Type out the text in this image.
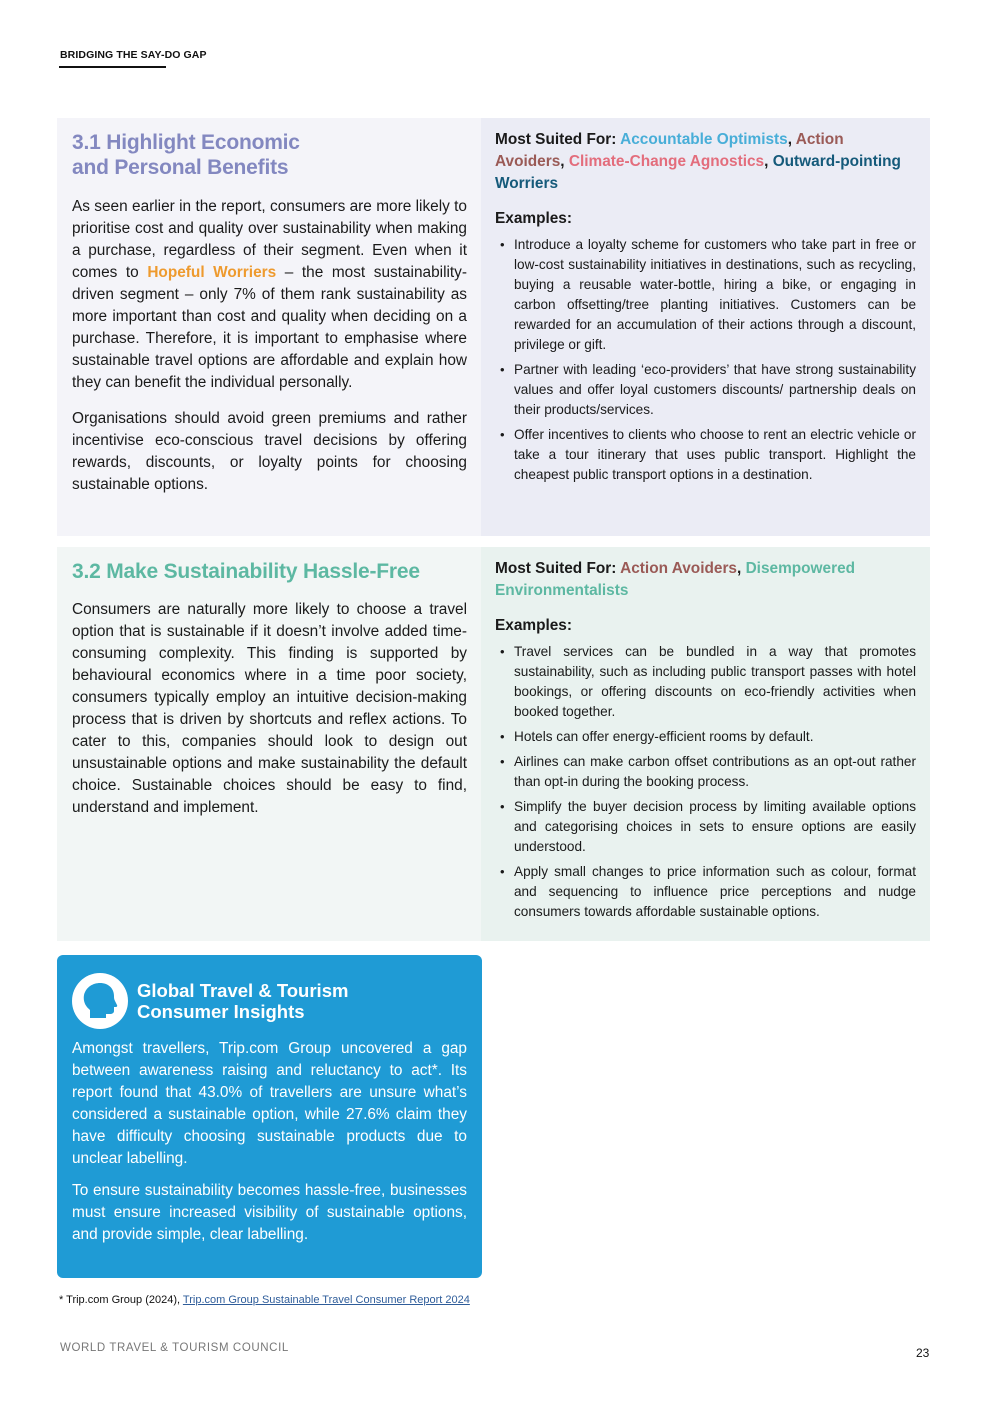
BRIDGING THE SAY-DO GAP
3.1 Highlight Economic
and Personal Benefits

As seen earlier in the report, consumers are more likely to prioritise cost and quality over sustainability when making a purchase, regardless of their segment. Even when it comes to Hopeful Worriers – the most sustainability-driven segment – only 7% of them rank sustainability as more important than cost and quality when deciding on a purchase. Therefore, it is important to emphasise where sustainable travel options are affordable and explain how they can benefit the individual personally.

Organisations should avoid green premiums and rather incentivise eco-conscious travel decisions by offering rewards, discounts, or loyalty points for choosing sustainable options.

Most Suited For: Accountable Optimists, Action Avoiders, Climate-Change Agnostics, Outward-pointing Worriers

Examples:
• Introduce a loyalty scheme for customers who take part in free or low-cost sustainability initiatives in destinations, such as recycling, buying a reusable water-bottle, hiring a bike, or engaging in carbon offsetting/tree planting initiatives. Customers can be rewarded for an accumulation of their actions through a discount, privilege or gift.
• Partner with leading ‘eco-providers’ that have strong sustainability values and offer loyal customers discounts/ partnership deals on their products/services.
• Offer incentives to clients who choose to rent an electric vehicle or take a tour itinerary that uses public transport. Highlight the cheapest public transport options in a destination.
3.2 Make Sustainability Hassle-Free

Consumers are naturally more likely to choose a travel option that is sustainable if it doesn’t involve added time-consuming complexity. This finding is supported by behavioural economics where in a time poor society, consumers typically employ an intuitive decision-making process that is driven by shortcuts and reflex actions. To cater to this, companies should look to design out unsustainable options and make sustainability the default choice. Sustainable choices should be easy to find, understand and implement.

Most Suited For: Action Avoiders, Disempowered Environmentalists

Examples:
• Travel services can be bundled in a way that promotes sustainability, such as including public transport passes with hotel bookings, or offering discounts on eco-friendly activities when booked together.
• Hotels can offer energy-efficient rooms by default.
• Airlines can make carbon offset contributions as an opt-out rather than opt-in during the booking process.
• Simplify the buyer decision process by limiting available options and categorising choices in sets to ensure options are easily understood.
• Apply small changes to price information such as colour, format and sequencing to influence price perceptions and nudge consumers towards affordable sustainable options.
Global Travel & Tourism
Consumer Insights

Amongst travellers, Trip.com Group uncovered a gap between awareness raising and reluctancy to act*. Its report found that 43.0% of travellers are unsure what’s considered a sustainable option, while 27.6% claim they have difficulty choosing sustainable products due to unclear labelling.

To ensure sustainability becomes hassle-free, businesses must ensure increased visibility of sustainable options, and provide simple, clear labelling.

* Trip.com Group (2024), Trip.com Group Sustainable Travel Consumer Report 2024
WORLD TRAVEL & TOURISM COUNCIL	23
